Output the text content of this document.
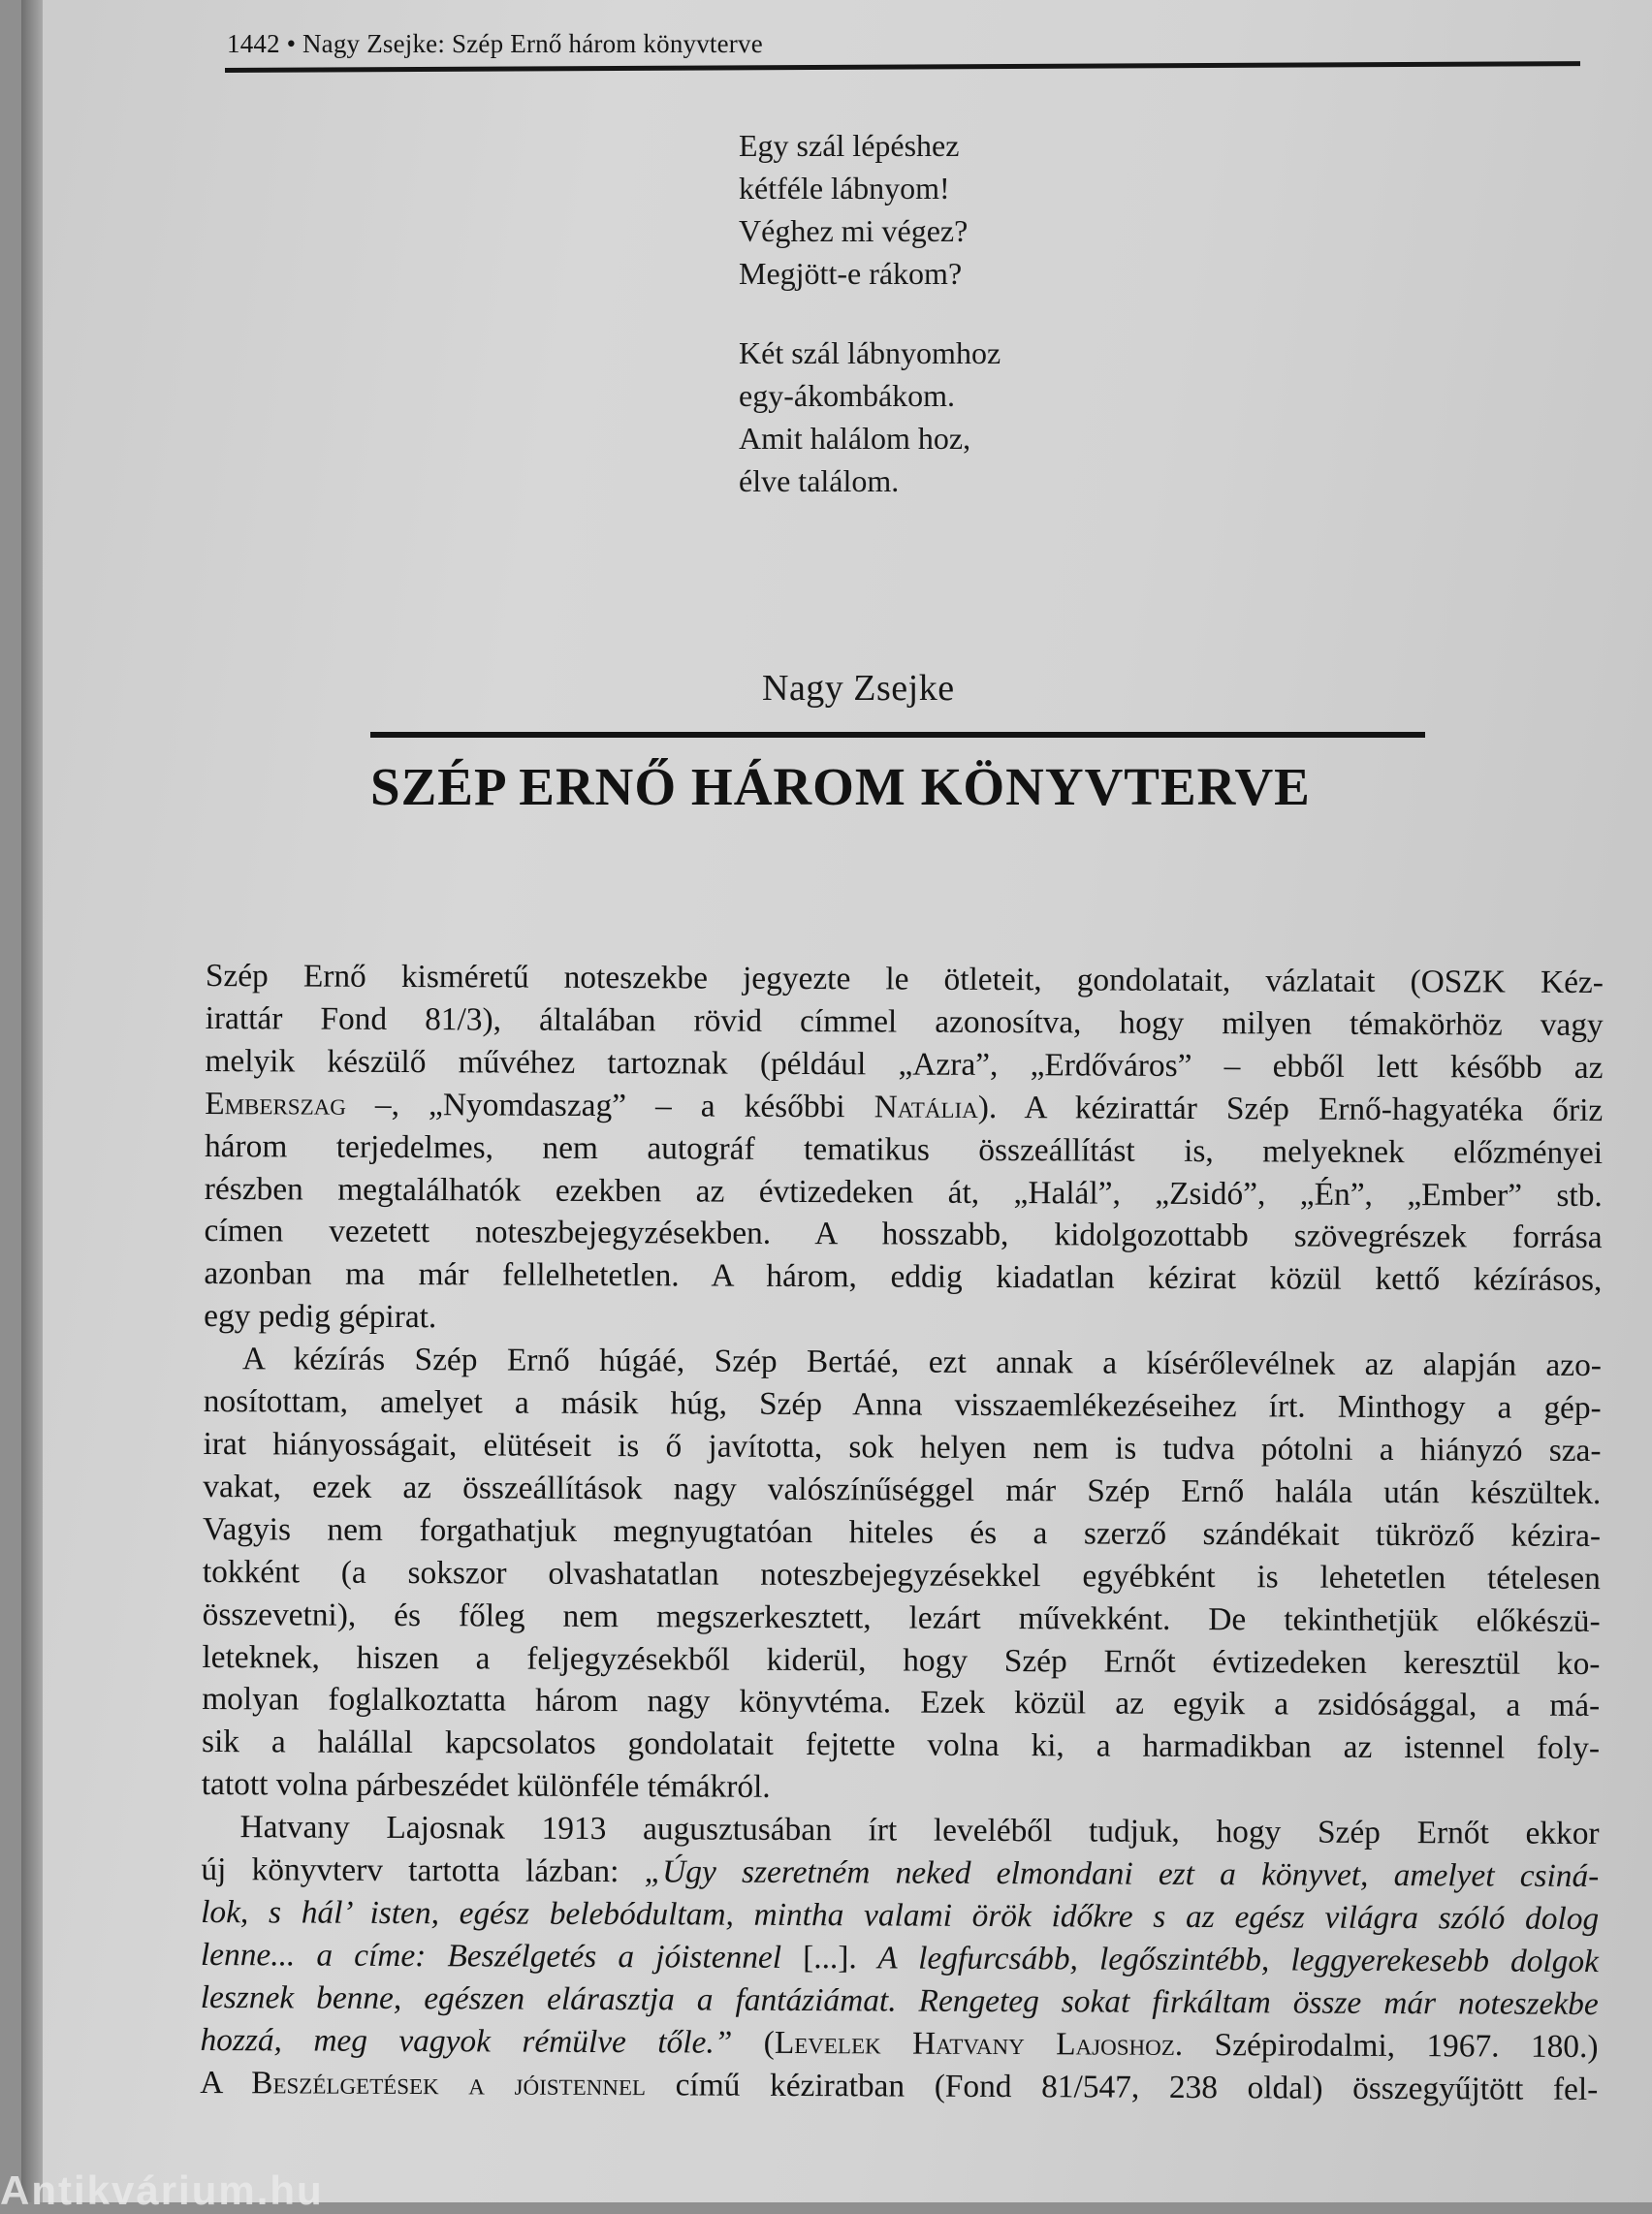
1442 • Nagy Zsejke: Szép Ernő három könyvterve
Egy szál lépéshez
kétféle lábnyom!
Véghez mi végez?
Megjött-e rákom?
Két szál lábnyomhoz
egy-ákombákom.
Amit halálom hoz,
élve találom.
Nagy Zsejke
SZÉP ERNŐ HÁROM KÖNYVTERVE

Szép Ernő kisméretű noteszekbe jegyezte le ötleteit, gondolatait, vázlatait (OSZK Kéz-
irattár Fond 81/3), általában rövid címmel azonosítva, hogy milyen témakörhöz vagy
melyik készülő művéhez tartoznak (például „Azra”, „Erdőváros” – ebből lett később az
Emberszag –, „Nyomdaszag” – a későbbi Natália). A kézirattár Szép Ernő-hagyatéka őriz
három terjedelmes, nem autográf tematikus összeállítást is, melyeknek előzményei
részben megtalálhatók ezekben az évtizedeken át, „Halál”, „Zsidó”, „Én”, „Ember” stb.
címen vezetett noteszbejegyzésekben. A hosszabb, kidolgozottabb szövegrészek forrása
azonban ma már fellelhetetlen. A három, eddig kiadatlan kézirat közül kettő kézírásos,
egy pedig gépirat.

A kézírás Szép Ernő húgáé, Szép Bertáé, ezt annak a kísérőlevélnek az alapján azo-
nosítottam, amelyet a másik húg, Szép Anna visszaemlékezéseihez írt. Minthogy a gép-
irat hiányosságait, elütéseit is ő javította, sok helyen nem is tudva pótolni a hiányzó sza-
vakat, ezek az összeállítások nagy valószínűséggel már Szép Ernő halála után készültek.
Vagyis nem forgathatjuk megnyugtatóan hiteles és a szerző szándékait tükröző kézira-
tokként (a sokszor olvashatatlan noteszbejegyzésekkel egyébként is lehetetlen tételesen
összevetni), és főleg nem megszerkesztett, lezárt művekként. De tekinthetjük előkészü-
leteknek, hiszen a feljegyzésekből kiderül, hogy Szép Ernőt évtizedeken keresztül ko-
molyan foglalkoztatta három nagy könyvtéma. Ezek közül az egyik a zsidósággal, a má-
sik a halállal kapcsolatos gondolatait fejtette volna ki, a harmadikban az istennel foly-
tatott volna párbeszédet különféle témákról.

Hatvany Lajosnak 1913 augusztusában írt leveléből tudjuk, hogy Szép Ernőt ekkor
új könyvterv tartotta lázban: „Úgy szeretném neked elmondani ezt a könyvet, amelyet csiná-
lok, s hál’ isten, egész belebódultam, mintha valami örök időkre s az egész világra szóló dolog
lenne... a címe: Beszélgetés a jóistennel [...]. A legfurcsább, legőszintébb, leggyerekesebb dolgok
lesznek benne, egészen elárasztja a fantáziámat. Rengeteg sokat firkáltam össze már noteszekbe
hozzá, meg vagyok rémülve tőle.” (Levelek Hatvany Lajoshoz. Szépirodalmi, 1967. 180.)
A Beszélgetések a jóistennel című kéziratban (Fond 81/547, 238 oldal) összegyűjtött fel-

Antikvárium.hu
